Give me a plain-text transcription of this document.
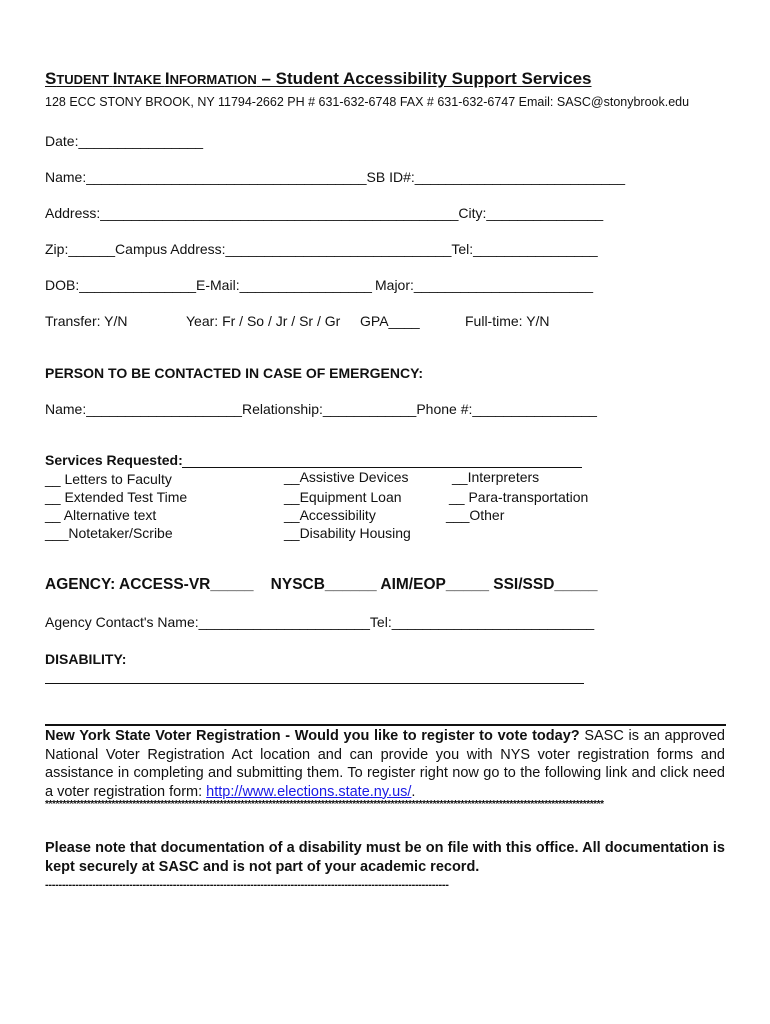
STUDENT INTAKE INFORMATION – Student Accessibility Support Services
128 ECC STONY BROOK, NY 11794-2662 PH # 631-632-6748 FAX # 631-632-6747 Email: SASC@stonybrook.edu
Date:________________
Name:____________________________________SB ID#:___________________________
Address:______________________________________________City:_______________
Zip:______Campus Address:_____________________________Tel:________________
DOB:_______________E-Mail:_________________ Major:_______________________
Transfer: Y/N	Year: Fr / So / Jr / Sr / Gr GPA____	Full-time: Y/N
PERSON TO BE CONTACTED IN CASE OF EMERGENCY:
Name:____________________Relationship:____________Phone #:________________
Services Requested:
__ Letters to Faculty
__ Extended Test Time
__ Alternative text
___Notetaker/Scribe
__Assistive Devices
__Equipment Loan
__Accessibility
__Disability Housing
__Interpreters
__ Para-transportation
___Other
AGENCY: ACCESS-VR_____    NYSCB______ AIM/EOP_____ SSI/SSD_____
Agency Contact's Name:______________________Tel:__________________________
DISABILITY:
New York State Voter Registration - Would you like to register to vote today? SASC is an approved National Voter Registration Act location and can provide you with NYS voter registration forms and assistance in completing and submitting them. To register right now go to the following link and click need a voter registration form: http://www.elections.state.ny.us/.
****************************************************************************************************************************************************************
Please note that documentation of a disability must be on file with this office. All documentation is kept securely at SASC and is not part of your academic record.
------------------------------------------------------------------------------------------------------------------------
